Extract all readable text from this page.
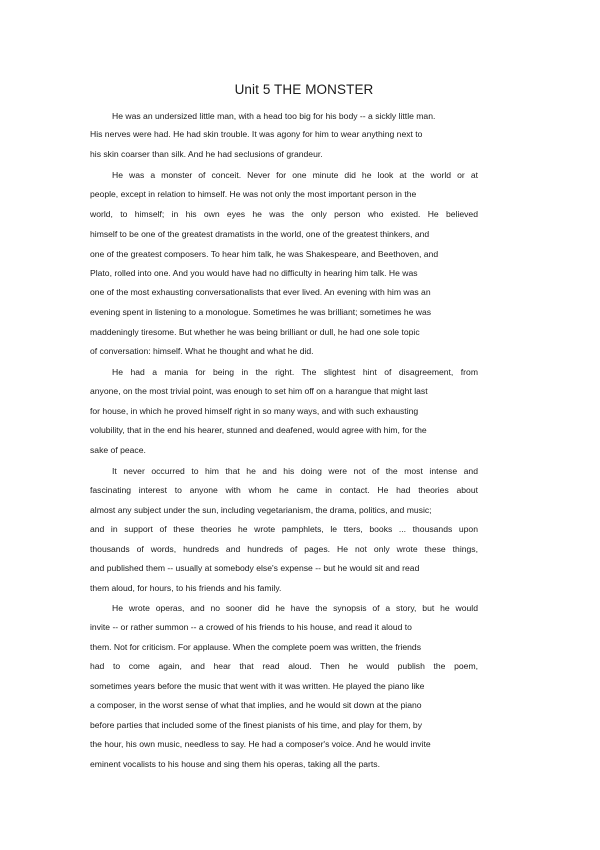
Unit 5 THE MONSTER
He was an undersized little man, with a head too big for his body -- a sickly little man.
His nerves were had. He had skin trouble. It was agony for him to wear anything next to
his skin coarser than silk. And he had seclusions of grandeur.
He was a monster of conceit. Never for one minute did he look at the world or at
people, except in relation to himself. He was not only the most important person in the
world, to himself; in his own eyes he was the only person who existed. He believed
himself to be one of the greatest dramatists in the world, one of the greatest thinkers, and
one of the greatest composers. To hear him talk, he was Shakespeare, and Beethoven, and
Plato, rolled into one. And you would have had no difficulty in hearing him talk. He was
one of the most exhausting conversationalists that ever lived. An evening with him was an
evening spent in listening to a monologue. Sometimes he was brilliant; sometimes he was
maddeningly tiresome. But whether he was being brilliant or dull, he had one sole topic
of conversation: himself. What he thought and what he did.
He had a mania for being in the right. The slightest hint of disagreement, from
anyone, on the most trivial point, was enough to set him off on a harangue that might last
for house, in which he proved himself right in so many ways, and with such exhausting
volubility, that in the end his hearer, stunned and deafened, would agree with him, for the
sake of peace.
It never occurred to him that he and his doing were not of the most intense and
fascinating interest to anyone with whom he came in contact. He had theories about
almost any subject under the sun, including vegetarianism, the drama, politics, and music;
and in support of these theories he wrote pamphlets, le tters, books ... thousands upon
thousands of words, hundreds and hundreds of pages. He not only wrote these things,
and published them -- usually at somebody else's expense -- but he would sit and read
them aloud, for hours, to his friends and his family.
He wrote operas, and no sooner did he have the synopsis of a story, but he would
invite -- or rather summon -- a crowed of his friends to his house, and read it aloud to
them. Not for criticism. For applause. When the complete poem was written, the friends
had to come again, and hear that read aloud. Then he would publish the poem,
sometimes years before the music that went with it was written. He played the piano like
a composer, in the worst sense of what that implies, and he would sit down at the piano
before parties that included some of the finest pianists of his time, and play for them, by
the hour, his own music, needless to say. He had a composer's voice. And he would invite
eminent vocalists to his house and sing them his operas, taking all the parts.
